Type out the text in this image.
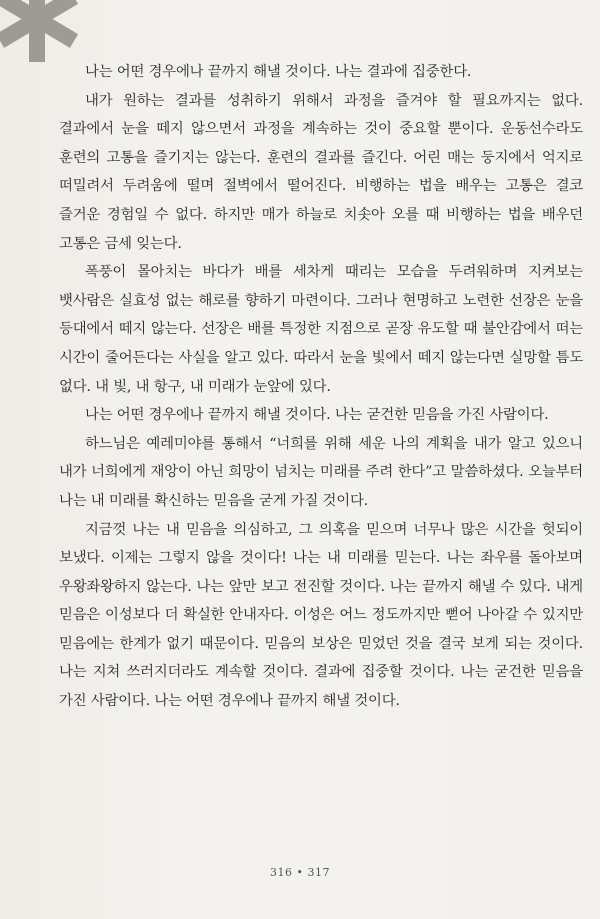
나는 어떤 경우에나 끝까지 해낼 것이다. 나는 결과에 집중한다.

내가 원하는 결과를 성취하기 위해서 과정을 즐겨야 할 필요까지는 없다. 결과에서 눈을 떼지 않으면서 과정을 계속하는 것이 중요할 뿐이다. 운동선수라도 훈련의 고통을 즐기지는 않는다. 훈련의 결과를 즐긴다. 어린 매는 둥지에서 억지로 떠밀려서 두려움에 떨며 절벽에서 떨어진다. 비행하는 법을 배우는 고통은 결코 즐거운 경험일 수 없다. 하지만 매가 하늘로 치솟아 오를 때 비행하는 법을 배우던 고통은 금세 잊는다.

폭풍이 몰아치는 바다가 배를 세차게 때리는 모습을 두려워하며 지켜보는 뱃사람은 실효성 없는 해로를 향하기 마련이다. 그러나 현명하고 노련한 선장은 눈을 등대에서 떼지 않는다. 선장은 배를 특정한 지점으로 곧장 유도할 때 불안감에서 떠는 시간이 줄어든다는 사실을 알고 있다. 따라서 눈을 빛에서 떼지 않는다면 실망할 틈도 없다. 내 빛, 내 항구, 내 미래가 눈앞에 있다.

나는 어떤 경우에나 끝까지 해낼 것이다. 나는 굳건한 믿음을 가진 사람이다.

하느님은 예레미야를 통해서 “너희를 위해 세운 나의 계획을 내가 알고 있으니 내가 너희에게 재앙이 아닌 희망이 넘치는 미래를 주려 한다”고 말씀하셨다. 오늘부터 나는 내 미래를 확신하는 믿음을 굳게 가질 것이다.

지금껏 나는 내 믿음을 의심하고, 그 의혹을 믿으며 너무나 많은 시간을 헛되이 보냈다. 이제는 그렇지 않을 것이다! 나는 내 미래를 믿는다. 나는 좌우를 돌아보며 우왕좌왕하지 않는다. 나는 앞만 보고 전진할 것이다. 나는 끝까지 해낼 수 있다. 내게 믿음은 이성보다 더 확실한 안내자다. 이성은 어느 정도까지만 뻗어 나아갈 수 있지만 믿음에는 한계가 없기 때문이다. 믿음의 보상은 믿었던 것을 결국 보게 되는 것이다. 나는 지쳐 쓰러지더라도 계속할 것이다. 결과에 집중할 것이다. 나는 굳건한 믿음을 가진 사람이다. 나는 어떤 경우에나 끝까지 해낼 것이다.

316 • 317
